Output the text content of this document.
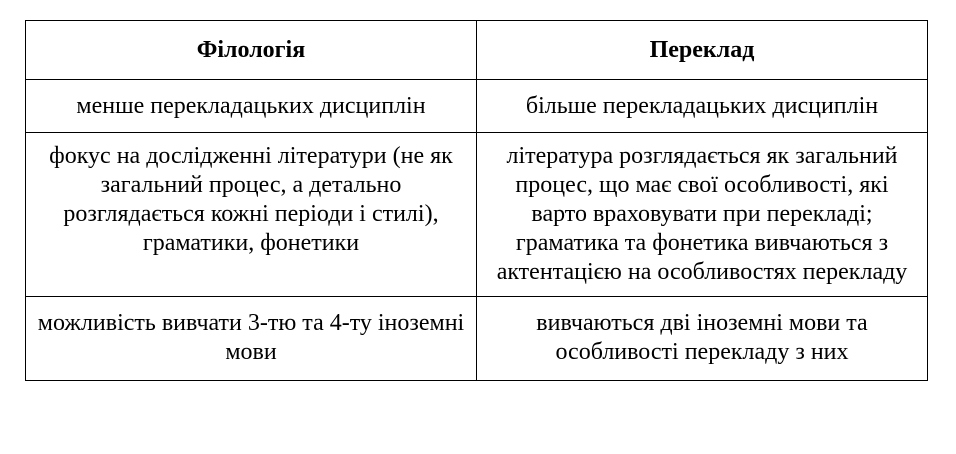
Філологія	Переклад

менше перекладацьких дисциплін	більше перекладацьких дисциплін

фокус на дослідженні літератури (не як загальний процес, а детально розглядається кожні періоди і стилі), граматики, фонетики	література розглядається як загальний процес, що має свої особливості, які варто враховувати при перекладі; граматика та фонетика вивчаються з актентацією на особливостях перекладу

можливість вивчати 3-тю та 4-ту іноземні мови	вивчаються дві іноземні мови та особливості перекладу з них
